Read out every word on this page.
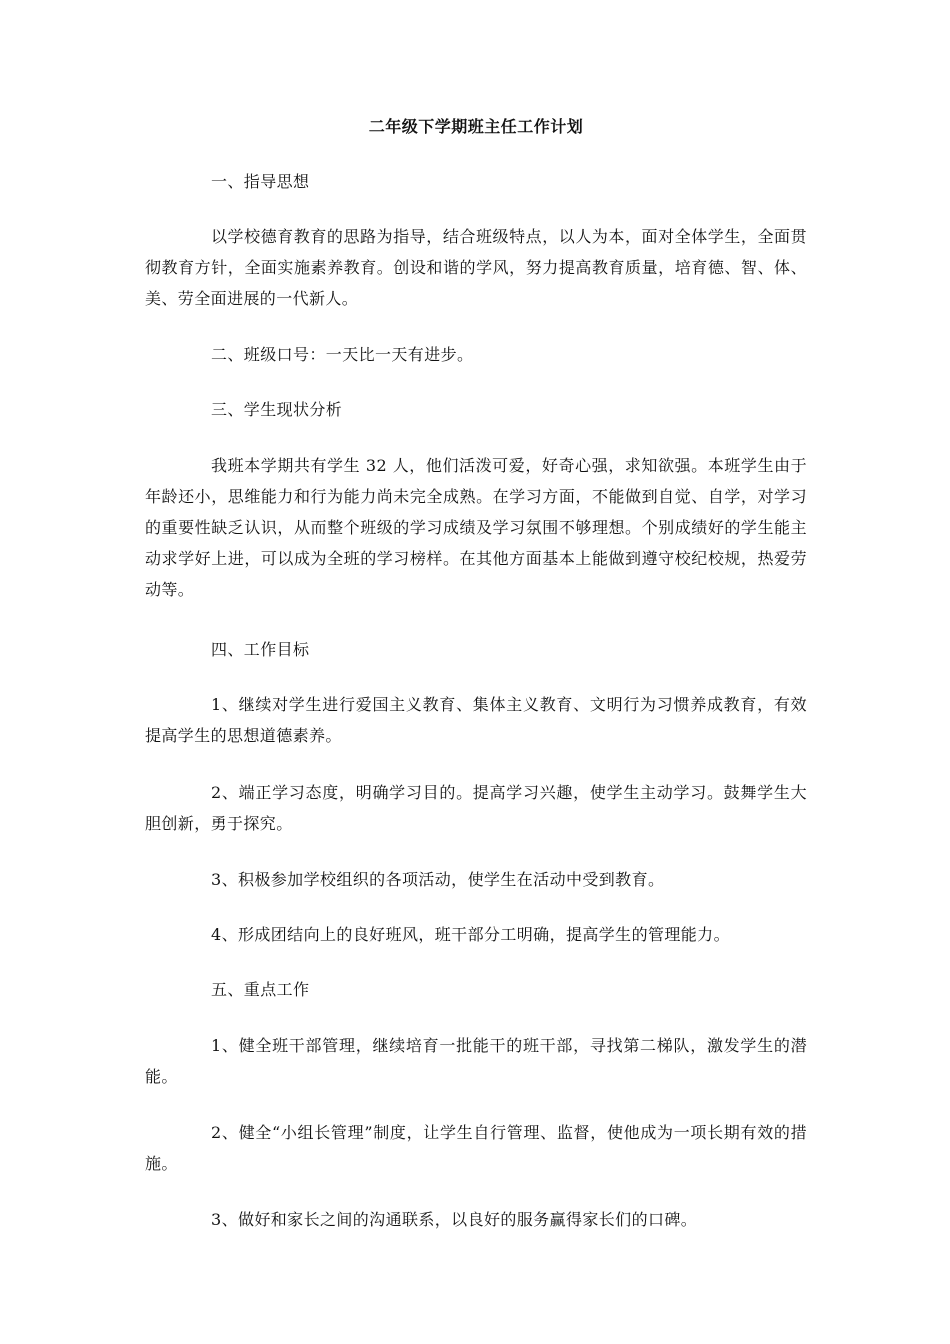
二年级下学期班主任工作计划

一、指导思想

以学校德育教育的思路为指导，结合班级特点，以人为本，面对全体学生，全面贯彻教育方针，全面实施素养教育。创设和谐的学风，努力提高教育质量，培育德、智、体、美、劳全面进展的一代新人。

二、班级口号：一天比一天有进步。

三、学生现状分析

我班本学期共有学生 32 人，他们活泼可爱，好奇心强，求知欲强。本班学生由于年龄还小，思维能力和行为能力尚未完全成熟。在学习方面，不能做到自觉、自学，对学习的重要性缺乏认识，从而整个班级的学习成绩及学习氛围不够理想。个别成绩好的学生能主动求学好上进，可以成为全班的学习榜样。在其他方面基本上能做到遵守校纪校规，热爱劳动等。

四、工作目标

1、继续对学生进行爱国主义教育、集体主义教育、文明行为习惯养成教育，有效提高学生的思想道德素养。

2、端正学习态度，明确学习目的。提高学习兴趣，使学生主动学习。鼓舞学生大胆创新，勇于探究。

3、积极参加学校组织的各项活动，使学生在活动中受到教育。

4、形成团结向上的良好班风，班干部分工明确，提高学生的管理能力。

五、重点工作

1、健全班干部管理，继续培育一批能干的班干部，寻找第二梯队，激发学生的潜能。

2、健全“小组长管理”制度，让学生自行管理、监督，使他成为一项长期有效的措施。

3、做好和家长之间的沟通联系，以良好的服务赢得家长们的口碑。
